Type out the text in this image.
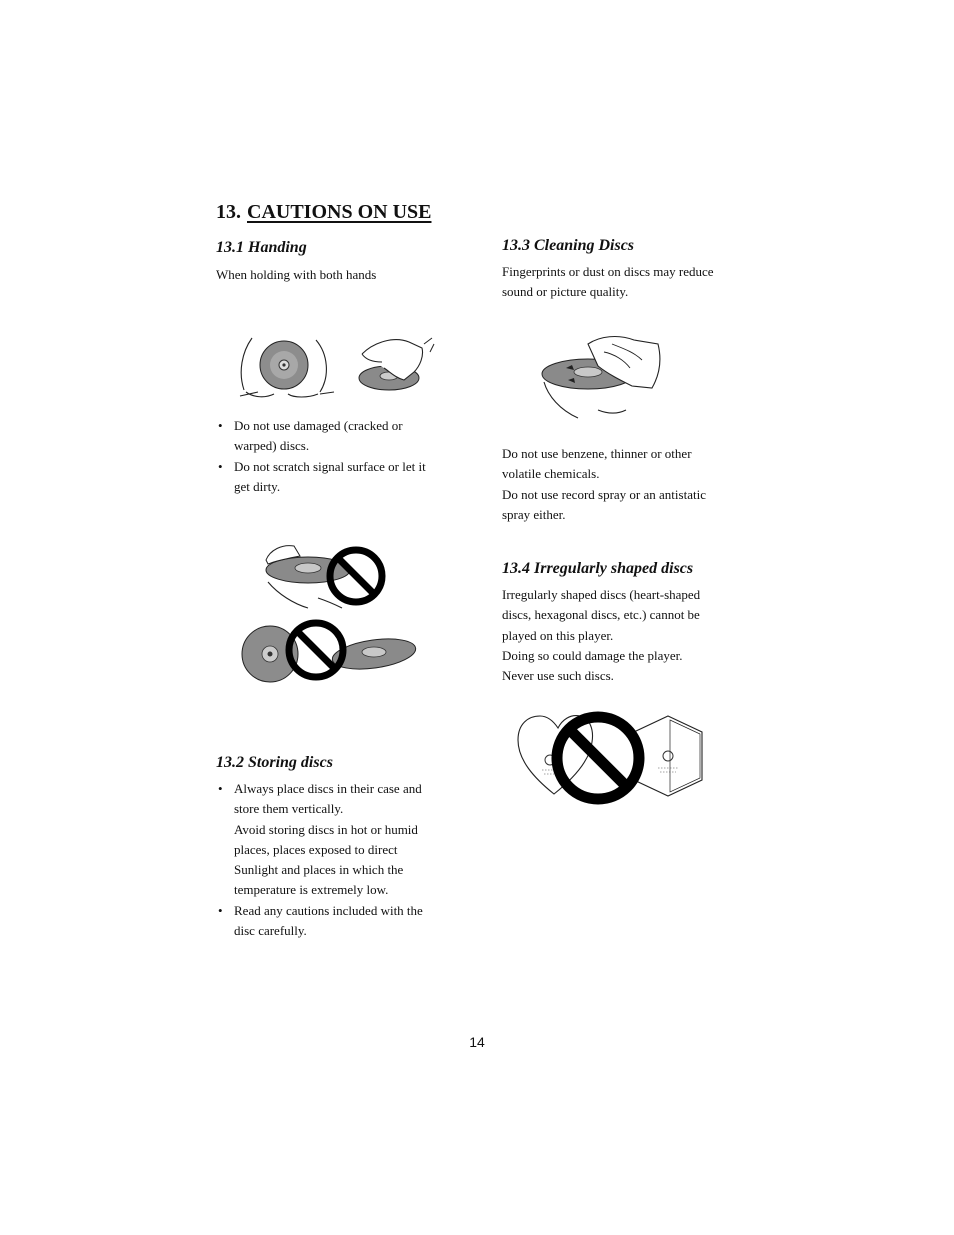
13. CAUTIONS ON USE
13.1 Handing

When holding with both hands

• Do not use damaged (cracked or
warped) discs.
• Do not scratch signal surface or let it
get dirty.
13.2 Storing discs
• Always place discs in their case and
store them vertically.
Avoid storing discs in hot or humid
places, places exposed to direct
Sunlight and places in which the
temperature is extremely low.
• Read any cautions included with the
disc carefully.
13.3 Cleaning Discs
Fingerprints or dust on discs may reduce
sound or picture quality.
Do not use benzene, thinner or other
volatile chemicals.
Do not use record spray or an antistatic
spray either.
13.4 Irregularly shaped discs
Irregularly shaped discs (heart-shaped
discs, hexagonal discs, etc.) cannot be
played on this player.
Doing so could damage the player.
Never use such discs.
14
